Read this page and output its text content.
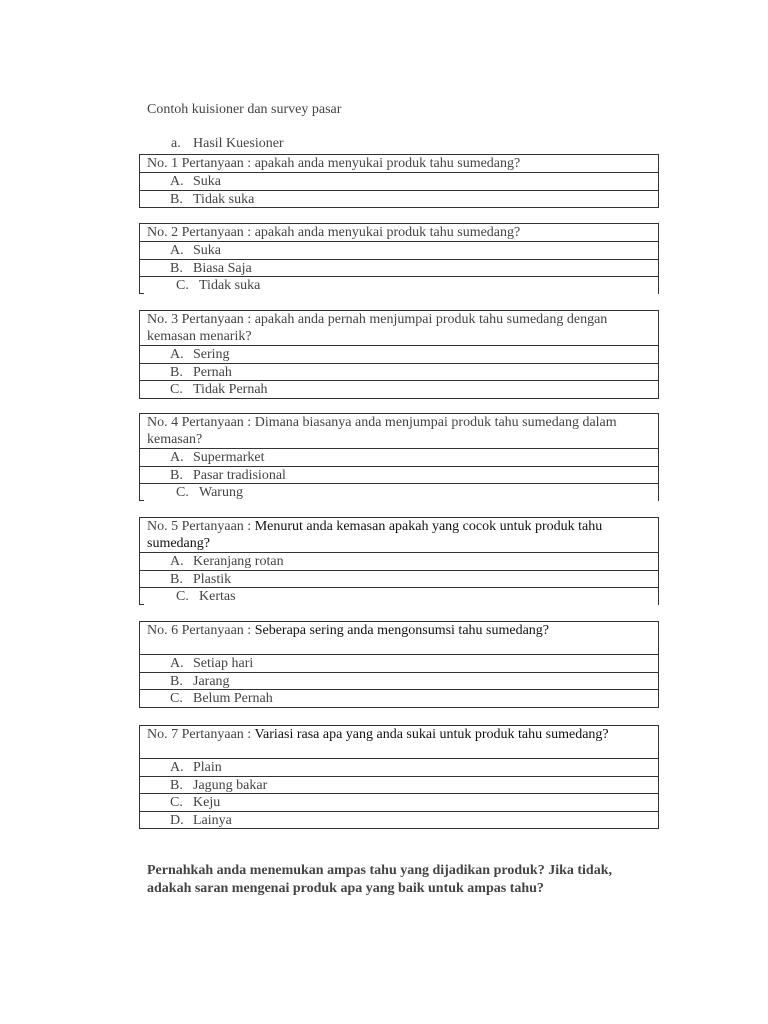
Contoh kuisioner dan survey pasar
a. Hasil Kuesioner
No. 1 Pertanyaan : apakah anda menyukai produk tahu sumedang?
A. Suka
B. Tidak suka
No. 2 Pertanyaan : apakah anda menyukai produk tahu sumedang?
A. Suka
B. Biasa Saja
C. Tidak suka
No. 3 Pertanyaan : apakah anda pernah menjumpai produk tahu sumedang dengan kemasan menarik?
A. Sering
B. Pernah
C. Tidak Pernah
No. 4 Pertanyaan : Dimana biasanya anda menjumpai produk tahu sumedang dalam kemasan?
A. Supermarket
B. Pasar tradisional
C. Warung
No. 5 Pertanyaan : Menurut anda kemasan apakah yang cocok untuk produk tahu sumedang?
A. Keranjang rotan
B. Plastik
C. Kertas
No. 6 Pertanyaan : Seberapa sering anda mengonsumsi tahu sumedang?
A. Setiap hari
B. Jarang
C. Belum Pernah
No. 7 Pertanyaan : Variasi rasa apa yang anda sukai untuk produk tahu sumedang?
A. Plain
B. Jagung bakar
C. Keju
D. Lainya
Pernahkah anda menemukan ampas tahu yang dijadikan produk? Jika tidak, adakah saran mengenai produk apa yang baik untuk ampas tahu?
